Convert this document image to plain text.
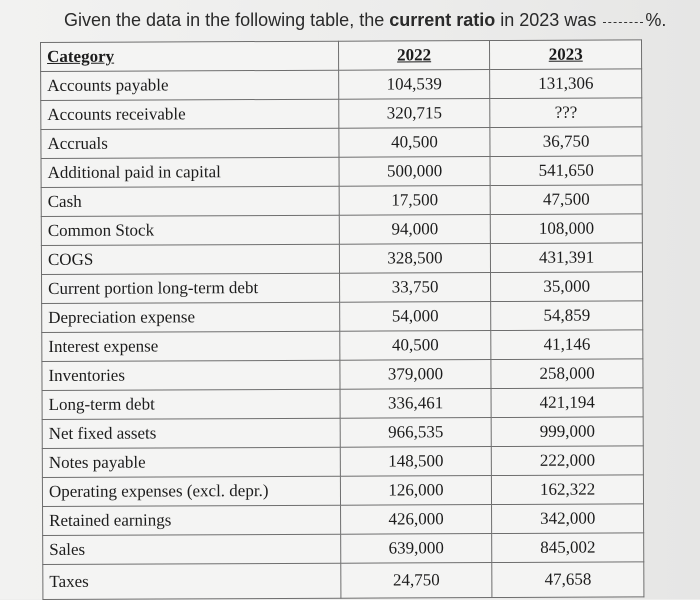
Given the data in the following table, the current ratio in 2023 was	%.
Category	2022	2023
Accounts payable	104,539	131,306
Accounts receivable	320,715	???
Accruals	40,500	36,750
Additional paid in capital	500,000	541,650
Cash	17,500	47,500
Common Stock	94,000	108,000
COGS	328,500	431,391
Current portion long-term debt	33,750	35,000
Depreciation expense	54,000	54,859
Interest expense	40,500	41,146
Inventories	379,000	258,000
Long-term debt	336,461	421,194
Net fixed assets	966,535	999,000
Notes payable	148,500	222,000
Operating expenses (excl. depr.)	126,000	162,322
Retained earnings	426,000	342,000
Sales	639,000	845,002
Taxes	24,750	47,658
